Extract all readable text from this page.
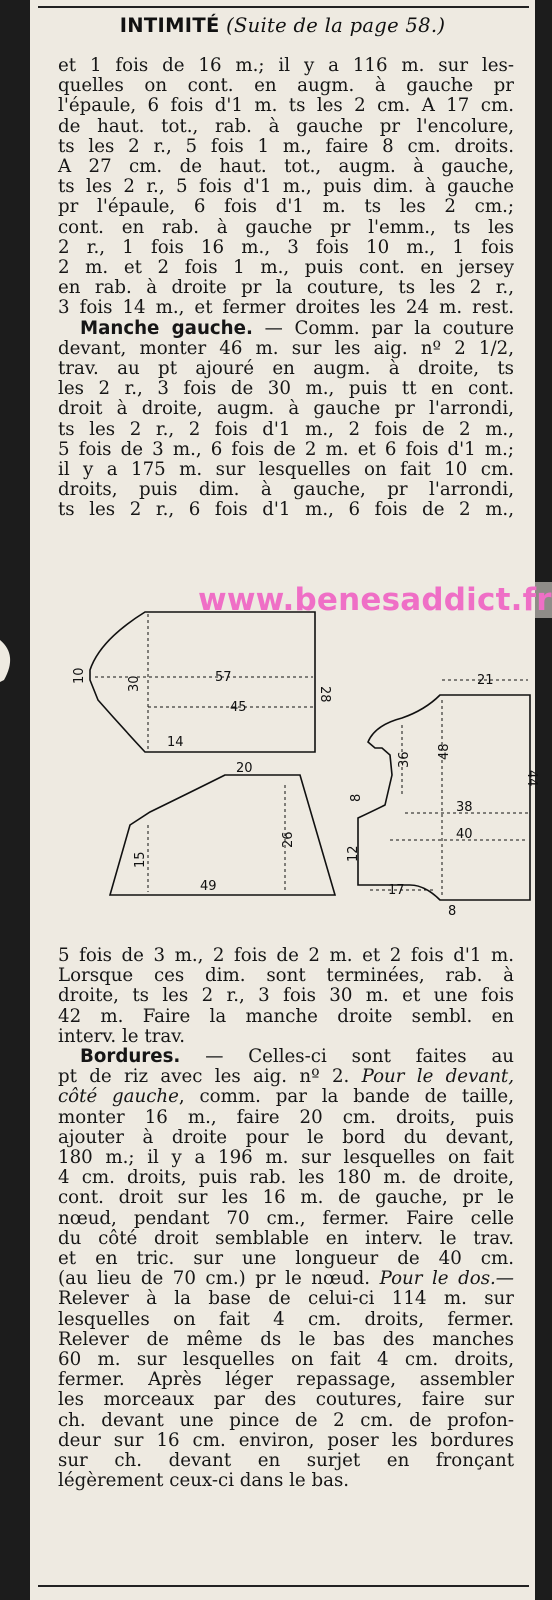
INTIMITÉ (Suite de la page 58.)
et 1 fois de 16 m.; il y a 116 m. sur les-
quelles on cont. en augm. à gauche pr
l'épaule, 6 fois d'1 m. ts les 2 cm. A 17 cm.
de haut. tot., rab. à gauche pr l'encolure,
ts les 2 r., 5 fois 1 m., faire 8 cm. droits.
A 27 cm. de haut. tot., augm. à gauche,
ts les 2 r., 5 fois d'1 m., puis dim. à gauche
pr l'épaule, 6 fois d'1 m. ts les 2 cm.;
cont. en rab. à gauche pr l'emm., ts les
2 r., 1 fois 16 m., 3 fois 10 m., 1 fois
2 m. et 2 fois 1 m., puis cont. en jersey
en rab. à droite pr la couture, ts les 2 r.,
3 fois 14 m., et fermer droites les 24 m. rest.
Manche gauche. — Comm. par la couture
devant, monter 46 m. sur les aig. nº 2 1/2,
trav. au pt ajouré en augm. à droite, ts
les 2 r., 3 fois de 30 m., puis tt en cont.
droit à droite, augm. à gauche pr l'arrondi,
ts les 2 r., 2 fois d'1 m., 2 fois de 2 m.,
5 fois de 3 m., 6 fois de 2 m. et 6 fois d'1 m.;
il y a 175 m. sur lesquelles on fait 10 cm.
droits, puis dim. à gauche, pr l'arrondi,
ts les 2 r., 6 fois d'1 m., 6 fois de 2 m.,
www.benesaddict.fr
10	57
30
45
28
14
20
26
15
49
21
36 48
44
8
38
40
12
17
8
5 fois de 3 m., 2 fois de 2 m. et 2 fois d'1 m.
Lorsque ces dim. sont terminées, rab. à
droite, ts les 2 r., 3 fois 30 m. et une fois
42 m. Faire la manche droite sembl. en
interv. le trav.
Bordures. — Celles-ci sont faites au
pt de riz avec les aig. nº 2. Pour le devant,
côté gauche, comm. par la bande de taille,
monter 16 m., faire 20 cm. droits, puis
ajouter à droite pour le bord du devant,
180 m.; il y a 196 m. sur lesquelles on fait
4 cm. droits, puis rab. les 180 m. de droite,
cont. droit sur les 16 m. de gauche, pr le
nœud, pendant 70 cm., fermer. Faire celle
du côté droit semblable en interv. le trav.
et en tric. sur une longueur de 40 cm.
(au lieu de 70 cm.) pr le nœud. Pour le dos.—
Relever à la base de celui-ci 114 m. sur
lesquelles on fait 4 cm. droits, fermer.
Relever de même ds le bas des manches
60 m. sur lesquelles on fait 4 cm. droits,
fermer. Après léger repassage, assembler
les morceaux par des coutures, faire sur
ch. devant une pince de 2 cm. de profon-
deur sur 16 cm. environ, poser les bordures
sur ch. devant en surjet en fronçant
légèrement ceux-ci dans le bas.
